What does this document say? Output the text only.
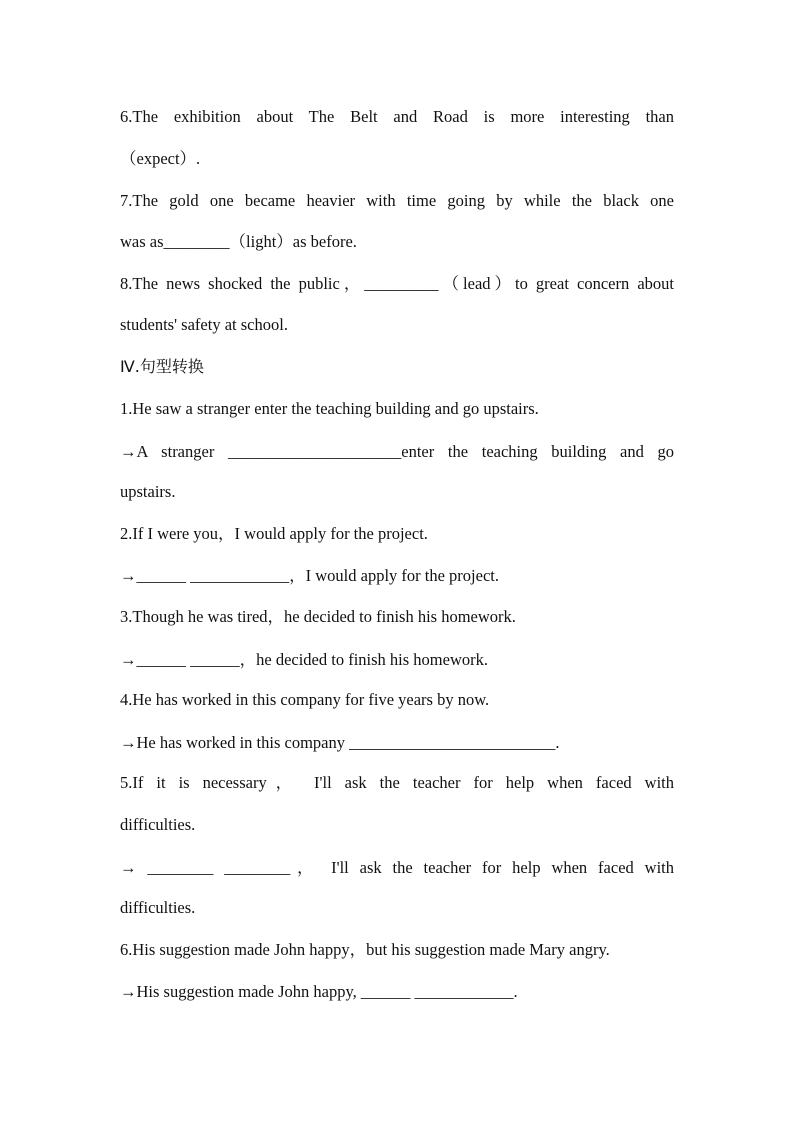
6.The exhibition about The Belt and Road is more interesting than
（expect）.
7.The gold one became heavier with time going by while the black one
was as________（light）as before.
8.The news shocked the public，_________（lead）to great concern about
students' safety at school.
Ⅳ.句型转换
1.He saw a stranger enter the teaching building and go upstairs.
→A stranger _____________________enter the teaching building and go
upstairs.
2.If I were you，I would apply for the project.
→______ ____________，I would apply for the project.
3.Though he was tired，he decided to finish his homework.
→______ ______，he decided to finish his homework.
4.He has worked in this company for five years by now.
→He has worked in this company _________________________.
5.If it is necessary， I'll ask the teacher for help when faced with
difficulties.
→ ________ ________， I'll ask the teacher for help when faced with
difficulties.
6.His suggestion made John happy，but his suggestion made Mary angry.
→His suggestion made John happy, ______ ____________.
